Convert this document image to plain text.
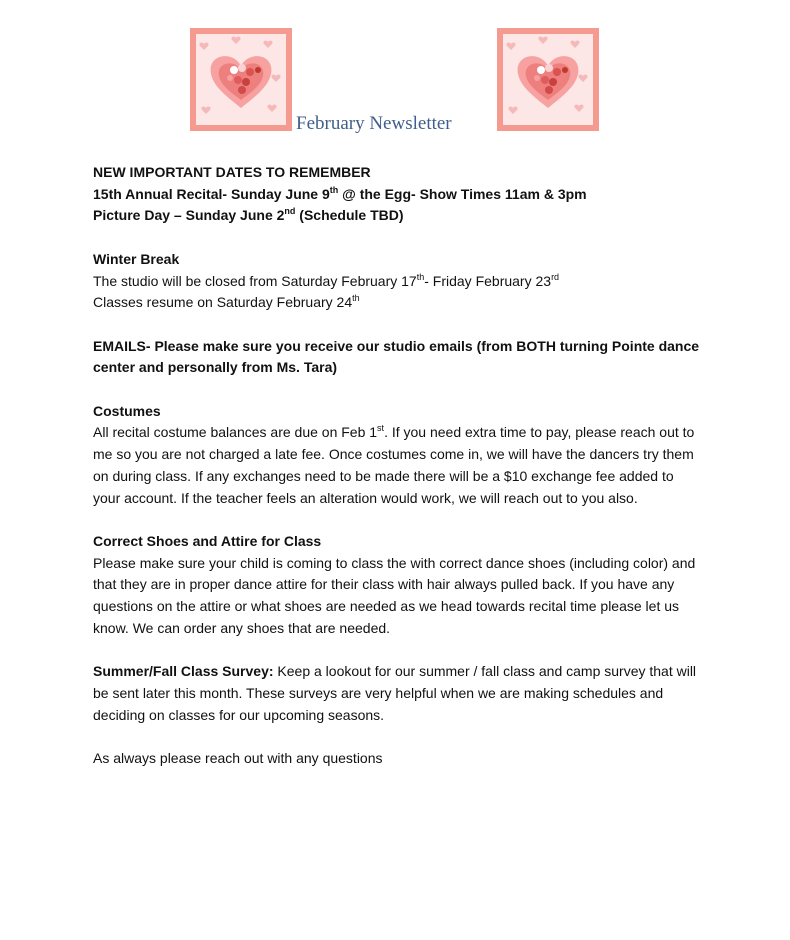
February Newsletter

NEW IMPORTANT DATES TO REMEMBER

15th Annual Recital- Sunday June 9th @ the Egg- Show Times 11am & 3pm

Picture Day – Sunday June 2nd (Schedule TBD)

Winter Break

The studio will be closed from Saturday February 17th- Friday February 23rd

Classes resume on Saturday February 24th

EMAILS- Please make sure you receive our studio emails (from BOTH turning Pointe dance center and personally from Ms. Tara)

Costumes

All recital costume balances are due on Feb 1st. If you need extra time to pay, please reach out to me so you are not charged a late fee. Once costumes come in, we will have the dancers try them on during class. If any exchanges need to be made there will be a $10 exchange fee added to your account. If the teacher feels an alteration would work, we will reach out to you also.

Correct Shoes and Attire for Class

Please make sure your child is coming to class the with correct dance shoes (including color) and that they are in proper dance attire for their class with hair always pulled back. If you have any questions on the attire or what shoes are needed as we head towards recital time please let us know. We can order any shoes that are needed.

Summer/Fall Class Survey: Keep a lookout for our summer / fall class and camp survey that will be sent later this month. These surveys are very helpful when we are making schedules and deciding on classes for our upcoming seasons.

As always please reach out with any questions
